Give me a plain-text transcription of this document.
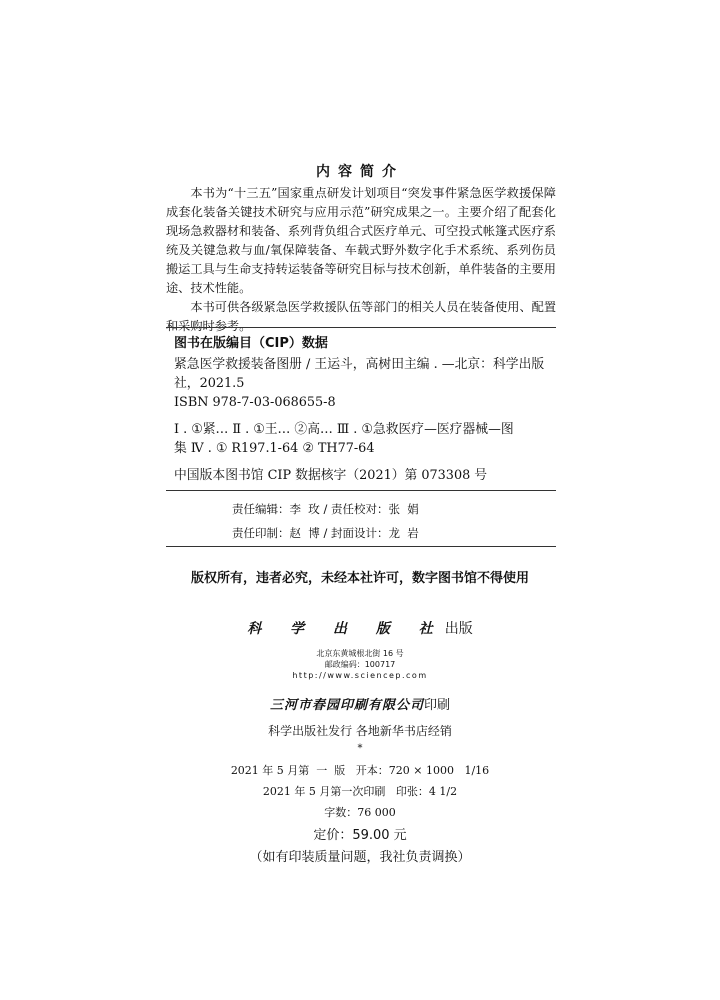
内容简介

本书为“十三五”国家重点研发计划项目“突发事件紧急医学救援保障成套化装备关键技术研究与应用示范”研究成果之一。主要介绍了配套化现场急救器材和装备、系列背负组合式医疗单元、可空投式帐篷式医疗系统及关键急救与血/氧保障装备、车载式野外数字化手术系统、系列伤员搬运工具与生命支持转运装备等研究目标与技术创新，单件装备的主要用途、技术性能。

本书可供各级紧急医学救援队伍等部门的相关人员在装备使用、配置和采购时参考。

图书在版编目（CIP）数据
紧急医学救援装备图册 / 王运斗，高树田主编 . —北京：科学出版
社，2021.5
ISBN 978-7-03-068655-8
Ⅰ . ①紧… Ⅱ . ①王… ②高… Ⅲ . ①急救医疗—医疗器械—图
集 Ⅳ . ① R197.1-64 ② TH77-64
中国版本图书馆 CIP 数据核字（2021）第 073308 号
责任编辑：李  玫 / 责任校对：张  娟
责任印制：赵  博 / 封面设计：龙  岩
版权所有，违者必究，未经本社许可，数字图书馆不得使用
科 学 出 版 社出版
北京东黄城根北街 16 号
邮政编码：100717
http://www.sciencep.com
三河市春园印刷有限公司印刷
科学出版社发行 各地新华书店经销
*
2021 年 5 月第  一  版   开本：720 × 1000   1/16
2021 年 5 月第一次印刷   印张：4 1/2
字数：76 000
定价：59.00 元
（如有印装质量问题，我社负责调换）
